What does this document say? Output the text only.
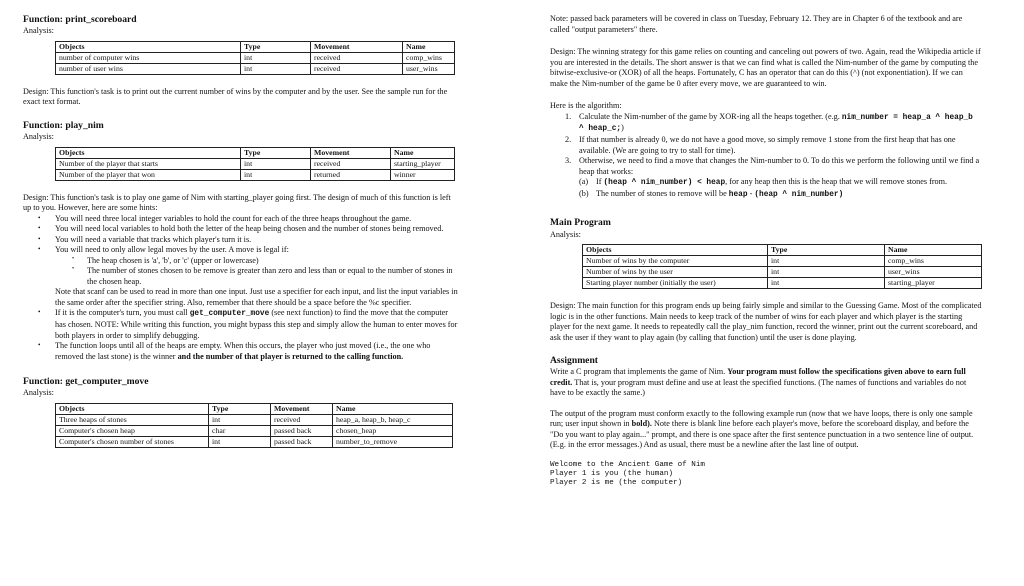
Function: print_scoreboard

Analysis:

Objects	Type	Movement	Name
number of computer wins	int	received	comp_wins
number of user wins	int	received	user_wins

Design: This function's task is to print out the current number of wins by the computer and by the user. See the sample run for the exact text format.

Function: play_nim

Analysis:

Objects	Type	Movement	Name
Number of the player that starts	int	received	starting_player
Number of the player that won	int	returned	winner

Design: This function's task is to play one game of Nim with starting_player going first. The design of much of this function is left up to you. However, here are some hints:

• You will need three local integer variables to hold the count for each of the three heaps throughout the game.
• You will need local variables to hold both the letter of the heap being chosen and the number of stones being removed.
• You will need a variable that tracks which player's turn it is.
• You will need to only allow legal moves by the user. A move is legal if:
• The heap chosen is 'a', 'b', or 'c' (upper or lowercase)
• The number of stones chosen to be remove is greater than zero and less than or equal to the number of stones in the chosen heap.

Note that scanf can be used to read in more than one input. Just use a specifier for each input, and list the input variables in the same order after the specifier string. Also, remember that there should be a space before the %c specifier.

• If it is the computer's turn, you must call get_computer_move (see next function) to find the move that the computer has chosen. NOTE: While writing this function, you might bypass this step and simply allow the human to enter moves for both players in order to simplify debugging.
• The function loops until all of the heaps are empty. When this occurs, the player who just moved (i.e., the one who removed the last stone) is the winner and the number of that player is returned to the calling function.

Function: get_computer_move

Analysis:

Objects	Type	Movement	Name
Three heaps of stones	int	received	heap_a, heap_b, heap_c
Computer's chosen heap	char	passed back	chosen_heap
Computer's chosen number of stones	int	passed back	number_to_remove

Note: passed back parameters will be covered in class on Tuesday, February 12. They are in Chapter 6 of the textbook and are called "output parameters" there.

Design: The winning strategy for this game relies on counting and canceling out powers of two. Again, read the Wikipedia article if you are interested in the details. The short answer is that we can find what is called the Nim-number of the game by computing the bitwise-exclusive-or (XOR) of all the heaps. Fortunately, C has an operator that can do this (^) (not exponentiation). If we can make the Nim-number of the game be 0 after every move, we are guaranteed to win.

Here is the algorithm:

1. Calculate the Nim-number of the game by XOR-ing all the heaps together. (e.g. nim_number = heap_a ^ heap_b ^ heap_c;)
2. If that number is already 0, we do not have a good move, so simply remove 1 stone from the first heap that has one available. (We are going to try to stall for time).
3. Otherwise, we need to find a move that changes the Nim-number to 0. To do this we perform the following until we find a heap that works:
(a) If (heap ^ nim_number) < heap, for any heap then this is the heap that we will remove stones from.
(b) The number of stones to remove will be heap - (heap ^ nim_number)

Main Program

Analysis:

Objects	Type	Name
Number of wins by the computer	int	comp_wins
Number of wins by the user	int	user_wins
Starting player number (initially the user)	int	starting_player

Design: The main function for this program ends up being fairly simple and similar to the Guessing Game. Most of the complicated logic is in the other functions. Main needs to keep track of the number of wins for each player and which player is the starting player for the next game. It needs to repeatedly call the play_nim function, record the winner, print out the current scoreboard, and ask the user if they want to play again (by calling that function) until the user is done playing.

Assignment

Write a C program that implements the game of Nim. Your program must follow the specifications given above to earn full credit. That is, your program must define and use at least the specified functions. (The names of functions and variables do not have to be exactly the same.)

The output of the program must conform exactly to the following example run (now that we have loops, there is only one sample run; user input shown in bold). Note there is blank line before each player's move, before the scoreboard display, and before the "Do you want to play again..." prompt, and there is one space after the first sentence punctuation in a two sentence line of output. (E.g. in the error messages.) And as usual, there must be a newline after the last line of output.

Welcome to the Ancient Game of Nim
Player 1 is you (the human)
Player 2 is me (the computer)
